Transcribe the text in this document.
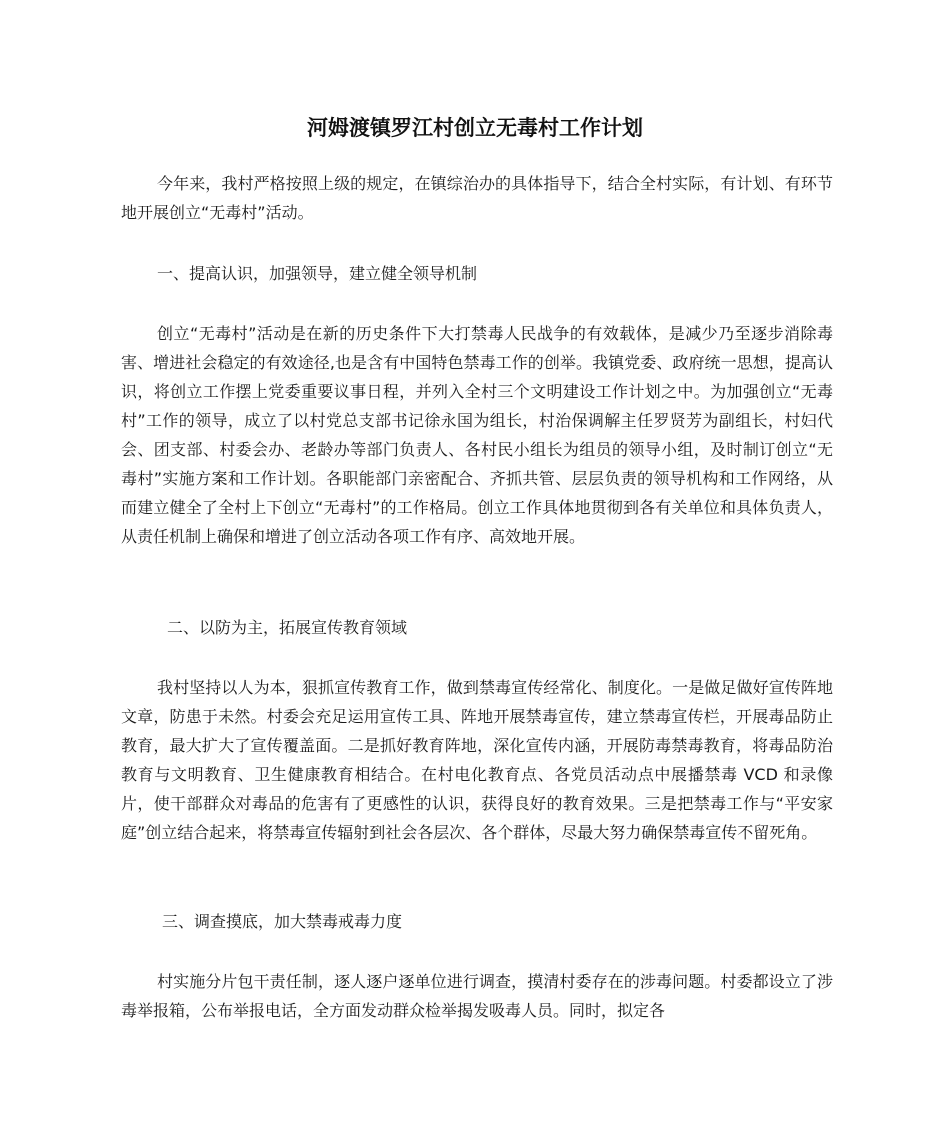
河姆渡镇罗江村创立无毒村工作计划

今年来，我村严格按照上级的规定，在镇综治办的具体指导下，结合全村实际，有计划、有环节地开展创立“无毒村”活动。

一、提高认识，加强领导，建立健全领导机制

创立“无毒村”活动是在新的历史条件下大打禁毒人民战争的有效载体，是减少乃至逐步消除毒害、增进社会稳定的有效途径,也是含有中国特色禁毒工作的创举。我镇党委、政府统一思想，提高认识，将创立工作摆上党委重要议事日程，并列入全村三个文明建设工作计划之中。为加强创立“无毒村”工作的领导，成立了以村党总支部书记徐永国为组长，村治保调解主任罗贤芳为副组长，村妇代会、团支部、村委会办、老龄办等部门负责人、各村民小组长为组员的领导小组，及时制订创立“无毒村”实施方案和工作计划。各职能部门亲密配合、齐抓共管、层层负责的领导机构和工作网络，从而建立健全了全村上下创立“无毒村”的工作格局。创立工作具体地贯彻到各有关单位和具体负责人，从责任机制上确保和增进了创立活动各项工作有序、高效地开展。

二、以防为主，拓展宣传教育领域

我村坚持以人为本，狠抓宣传教育工作，做到禁毒宣传经常化、制度化。一是做足做好宣传阵地文章，防患于未然。村委会充足运用宣传工具、阵地开展禁毒宣传，建立禁毒宣传栏，开展毒品防止教育，最大扩大了宣传覆盖面。二是抓好教育阵地，深化宣传内涵，开展防毒禁毒教育，将毒品防治教育与文明教育、卫生健康教育相结合。在村电化教育点、各党员活动点中展播禁毒 VCD 和录像片，使干部群众对毒品的危害有了更感性的认识，获得良好的教育效果。三是把禁毒工作与“平安家庭”创立结合起来，将禁毒宣传辐射到社会各层次、各个群体，尽最大努力确保禁毒宣传不留死角。

三、调查摸底，加大禁毒戒毒力度

村实施分片包干责任制，逐人逐户逐单位进行调查，摸清村委存在的涉毒问题。村委都设立了涉毒举报箱，公布举报电话，全方面发动群众检举揭发吸毒人员。同时，拟定各
